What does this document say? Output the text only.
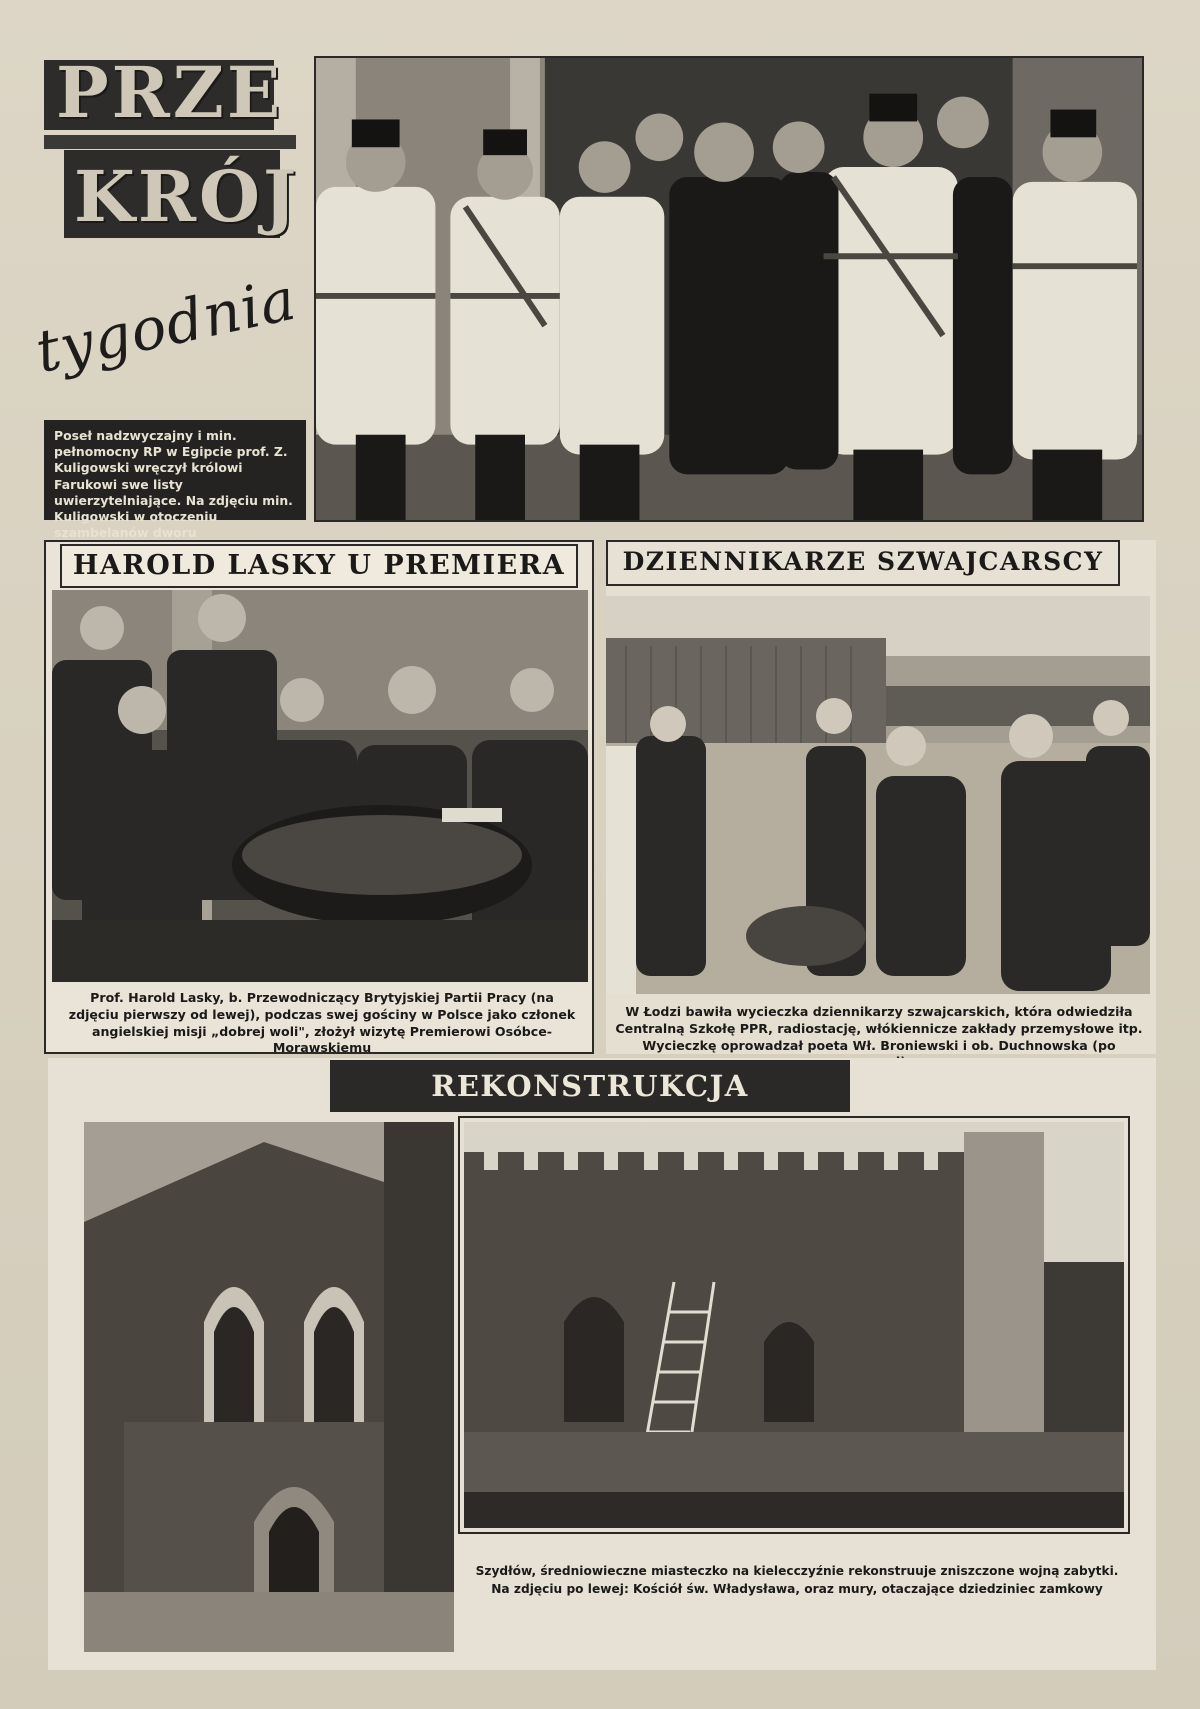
PRZE
KRÓJ
tygodnia
Poseł nadzwyczajny i min. pełnomocny RP w Egipcie prof. Z. Kuligowski wręczył królowi Farukowi swe listy uwierzytelniające. Na zdjęciu min. Kuligowski w otoczeniu szambelanów dworu
HAROLD LASKY U PREMIERA
Prof. Harold Lasky, b. Przewodniczący Brytyjskiej Partii Pracy (na zdjęciu pierwszy od lewej), podczas swej gościny w Polsce jako członek angielskiej misji „dobrej woli", złożył wizytę Premierowi Osóbce-Morawskiemu
DZIENNIKARZE SZWAJCARSCY
W Łodzi bawiła wycieczka dziennikarzy szwajcarskich, która odwiedziła Centralną Szkołę PPR, radiostację, włókiennicze zakłady przemysłowe itp. Wycieczkę oprowadzał poeta Wł. Broniewski i ob. Duchnowska (po
REKONSTRUKCJA
Szydłów, średniowieczne miasteczko na kielecczyźnie rekonstruuje zniszczone wojną zabytki. Na zdjęciu po lewej: Kościół św. Władysława, oraz mury, otaczające dziedziniec zamkowy
